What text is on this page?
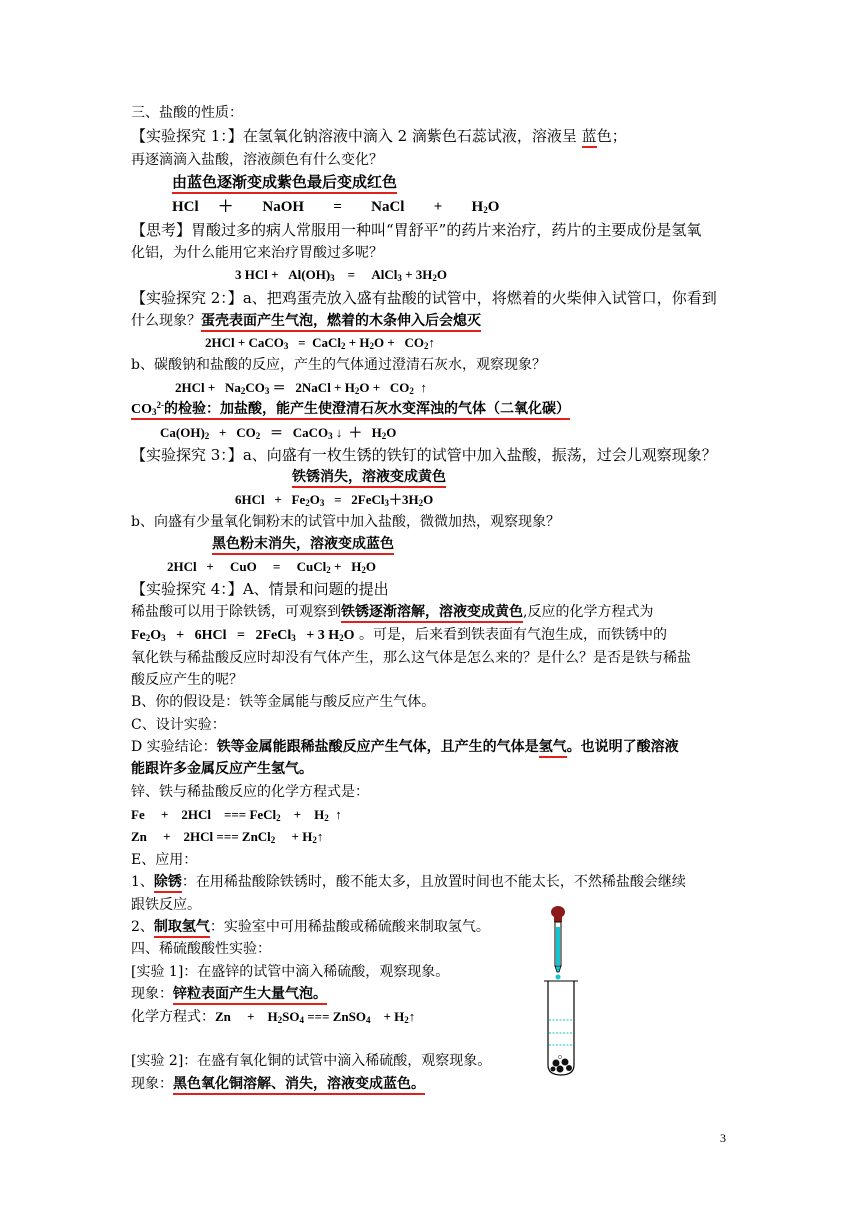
三、盐酸的性质：
【实验探究 1：】在氢氧化钠溶液中滴入 2 滴紫色石蕊试液，溶液呈 蓝色；
再逐滴滴入盐酸，溶液颜色有什么变化？
由蓝色逐渐变成紫色最后变成红色
HCl  ＋   NaOH   =   NaCl   +   $H_2O$
【思考】胃酸过多的病人常服用一种叫“胃舒平”的药片来治疗，药片的主要成份是氢氧
化铝，为什么能用它来治疗胃酸过多呢？
3 HCl +   $Al(OH)_3$    =     AlCl$_3$ + $3H_2O$
【实验探究 2：】a、把鸡蛋壳放入盛有盐酸的试管中，将燃着的火柴伸入试管口，你看到
什么现象？蛋壳表面产生气泡，燃着的木条伸入后会熄灭
2HCl + CaCO$_3$   =  CaCl$_2$ + $H_2O$ +   $CO_2↑$
b、碳酸钠和盐酸的反应，产生的气体通过澄清石灰水，观察现象？
$2HCl + Na_2CO_3$ ＝   2NaCl + $H_2O + CO_2$  ↑
$CO_3^{2-}$的检验：加盐酸，能产生使澄清石灰水变浑浊的气体（二氧化碳）
$Ca(OH)_2 + CO_2$   ＝   CaCO$_3$ ↓  ＋   $H_2O$
【实验探究 3：】a、向盛有一枚生锈的铁钉的试管中加入盐酸，振荡，过会儿观察现象？
铁锈消失，溶液变成黄色
$6HCl + Fe_2O_3$   =   $2FeCl_3+3H_2O$
b、向盛有少量氧化铜粉末的试管中加入盐酸，微微加热，观察现象？
黑色粉末消失，溶液变成蓝色
2HCl   +     CuO     =     CuCl$_2$ +   $H_2O$
【实验探究 4：】A、情景和问题的提出
稀盐酸可以用于除铁锈，可观察到铁锈逐渐溶解，溶液变成黄色,反应的化学方程式为
$Fe_2O_3 + 6HCl$   =   2FeCl$_3$   + 3 $H_2O$ 。可是，后来看到铁表面有气泡生成，而铁锈中的
氧化铁与稀盐酸反应时却没有气体产生，那么这气体是怎么来的？是什么？是否是铁与稀盐
酸反应产生的呢？
B、你的假设是：铁等金属能与酸反应产生气体。
C、设计实验：
D 实验结论：铁等金属能跟稀盐酸反应产生气体，且产生的气体是氢气。也说明了酸溶液
能跟许多金属反应产生氢气。
锌、铁与稀盐酸反应的化学方程式是：
Fe     +    2HCl    === FeCl$_2$    +    $H_2$  ↑
Zn     +    2HCl === ZnCl$_2$     + $H_2↑$
E、应用：
1、除锈：在用稀盐酸除铁锈时，酸不能太多，且放置时间也不能太长，不然稀盐酸会继续
跟铁反应。
2、制取氢气：实验室中可用稀盐酸或稀硫酸来制取氢气。
四、稀硫酸酸性实验：
[实验 1]：在盛锌的试管中滴入稀硫酸，观察现象。
现象：锌粒表面产生大量气泡。
化学方程式：Zn     +    $H_2SO_4$ === ZnSO$_4$    + $H_2↑$
[实验 2]：在盛有氧化铜的试管中滴入稀硫酸，观察现象。
现象：黑色氧化铜溶解、消失，溶液变成蓝色。
3
